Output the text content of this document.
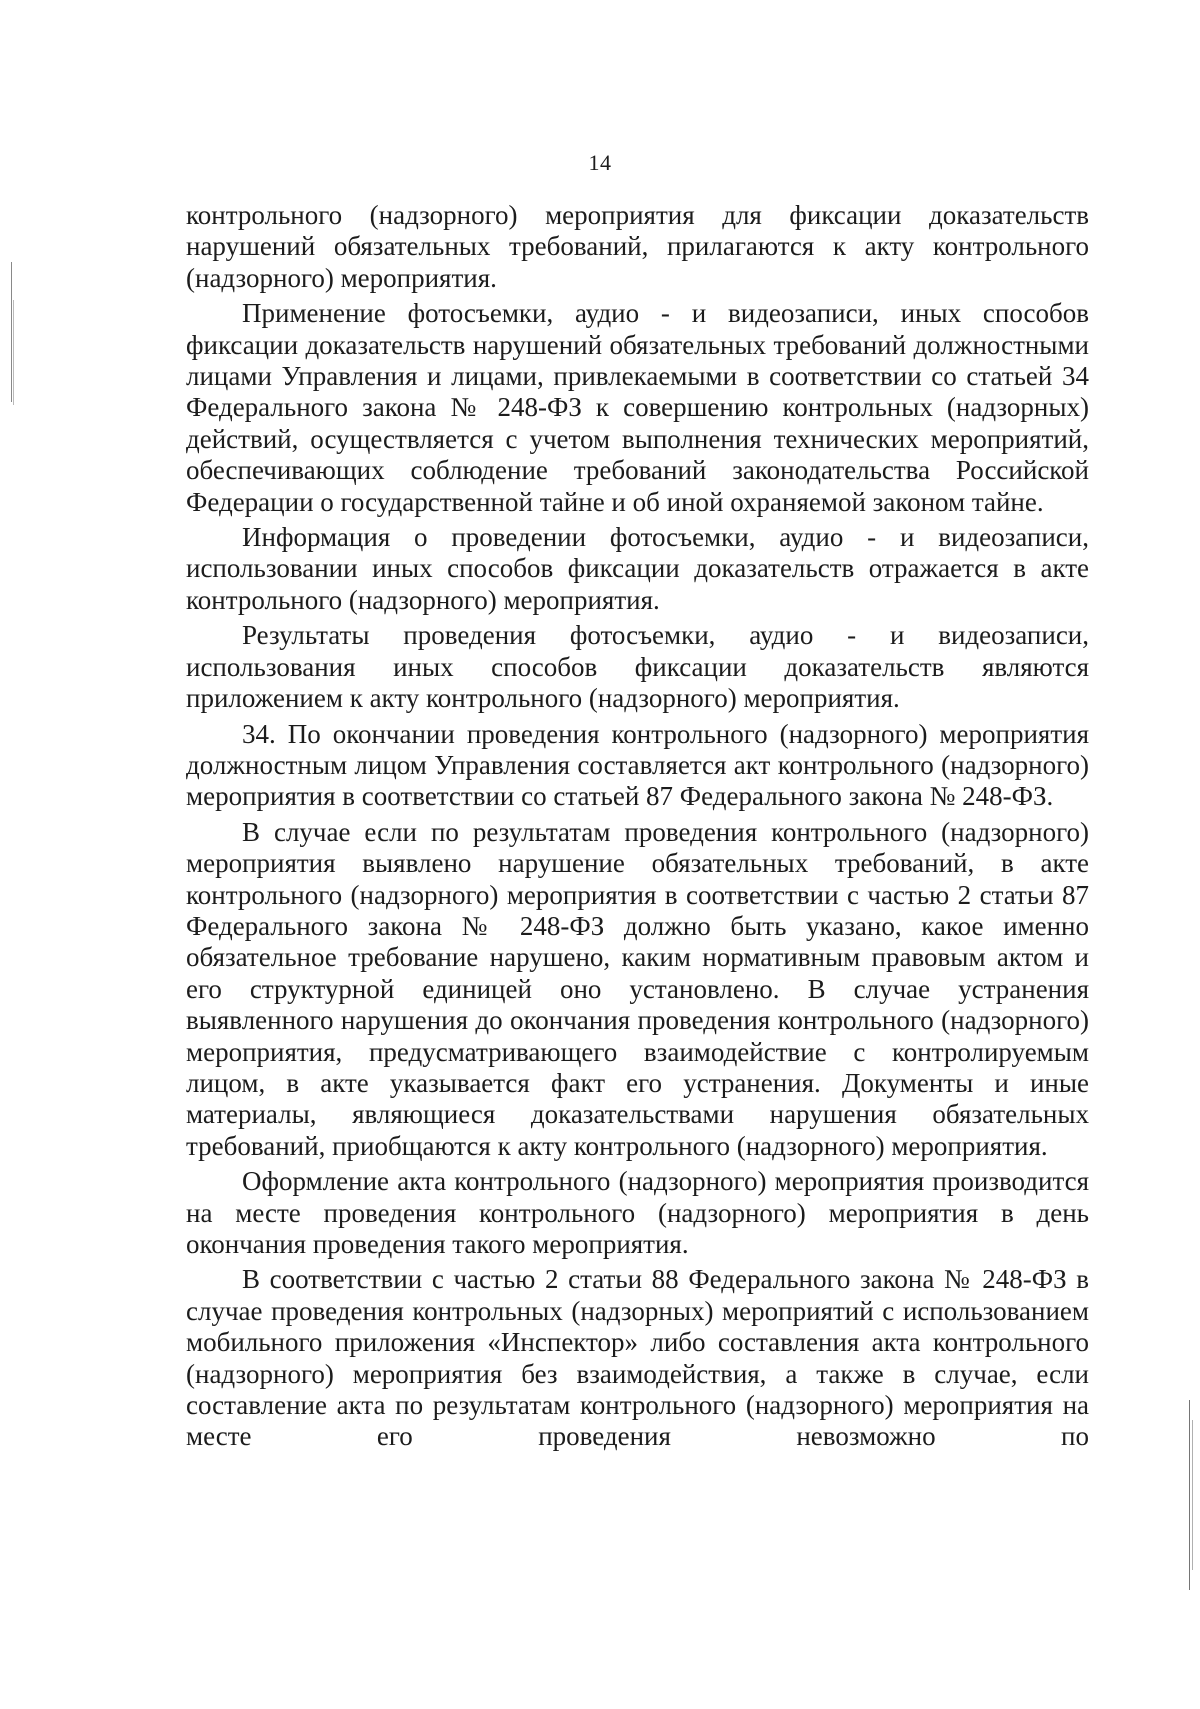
14

контрольного (надзорного) мероприятия для фиксации доказательств нарушений обязательных требований, прилагаются к акту контрольного (надзорного) мероприятия.

Применение фотосъемки, аудио - и видеозаписи, иных способов фиксации доказательств нарушений обязательных требований должностными лицами Управления и лицами, привлекаемыми в соответствии со статьей 34 Федерального закона № 248-ФЗ к совершению контрольных (надзорных) действий, осуществляется с учетом выполнения технических мероприятий, обеспечивающих соблюдение требований законодательства Российской Федерации о государственной тайне и об иной охраняемой законом тайне.

Информация о проведении фотосъемки, аудио - и видеозаписи, использовании иных способов фиксации доказательств отражается в акте контрольного (надзорного) мероприятия.

Результаты проведения фотосъемки, аудио - и видеозаписи, использования иных способов фиксации доказательств являются приложением к акту контрольного (надзорного) мероприятия.

34. По окончании проведения контрольного (надзорного) мероприятия должностным лицом Управления составляется акт контрольного (надзорного) мероприятия в соответствии со статьей 87 Федерального закона № 248-ФЗ.

В случае если по результатам проведения контрольного (надзорного) мероприятия выявлено нарушение обязательных требований, в акте контрольного (надзорного) мероприятия в соответствии с частью 2 статьи 87 Федерального закона № 248-ФЗ должно быть указано, какое именно обязательное требование нарушено, каким нормативным правовым актом и его структурной единицей оно установлено. В случае устранения выявленного нарушения до окончания проведения контрольного (надзорного) мероприятия, предусматривающего взаимодействие с контролируемым лицом, в акте указывается факт его устранения. Документы и иные материалы, являющиеся доказательствами нарушения обязательных требований, приобщаются к акту контрольного (надзорного) мероприятия.

Оформление акта контрольного (надзорного) мероприятия производится на месте проведения контрольного (надзорного) мероприятия в день окончания проведения такого мероприятия.

В соответствии с частью 2 статьи 88 Федерального закона № 248-ФЗ в случае проведения контрольных (надзорных) мероприятий с использованием мобильного приложения «Инспектор» либо составления акта контрольного (надзорного) мероприятия без взаимодействия, а также в случае, если составление акта по результатам контрольного (надзорного) мероприятия на месте его проведения невозможно по
